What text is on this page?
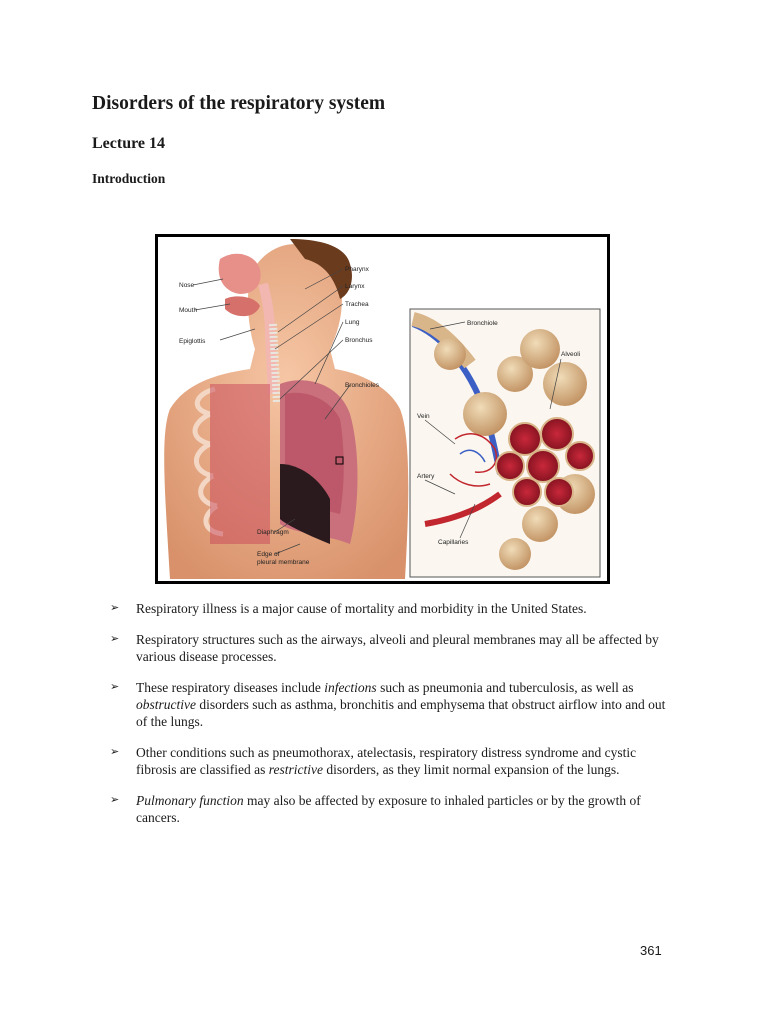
Disorders of the respiratory system
Lecture 14
Introduction
Nose
Mouth
Epiglottis
Pharynx
Larynx
Trachea
Lung
Bronchus
Bronchioles
Diaphragm
Edge of
pleural membrane
Bronchiole
Alveoli
Vein
Artery
Capillaries
➢ Respiratory illness is a major cause of mortality and morbidity in the United States.
➢ Respiratory structures such as the airways, alveoli and pleural membranes may all be affected by various disease processes.
➢ These respiratory diseases include infections such as pneumonia and tuberculosis, as well as obstructive disorders such as asthma, bronchitis and emphysema that obstruct airflow into and out of the lungs.
➢ Other conditions such as pneumothorax, atelectasis, respiratory distress syndrome and cystic fibrosis are classified as restrictive disorders, as they limit normal expansion of the lungs.
➢ Pulmonary function may also be affected by exposure to inhaled particles or by the growth of cancers.
361
